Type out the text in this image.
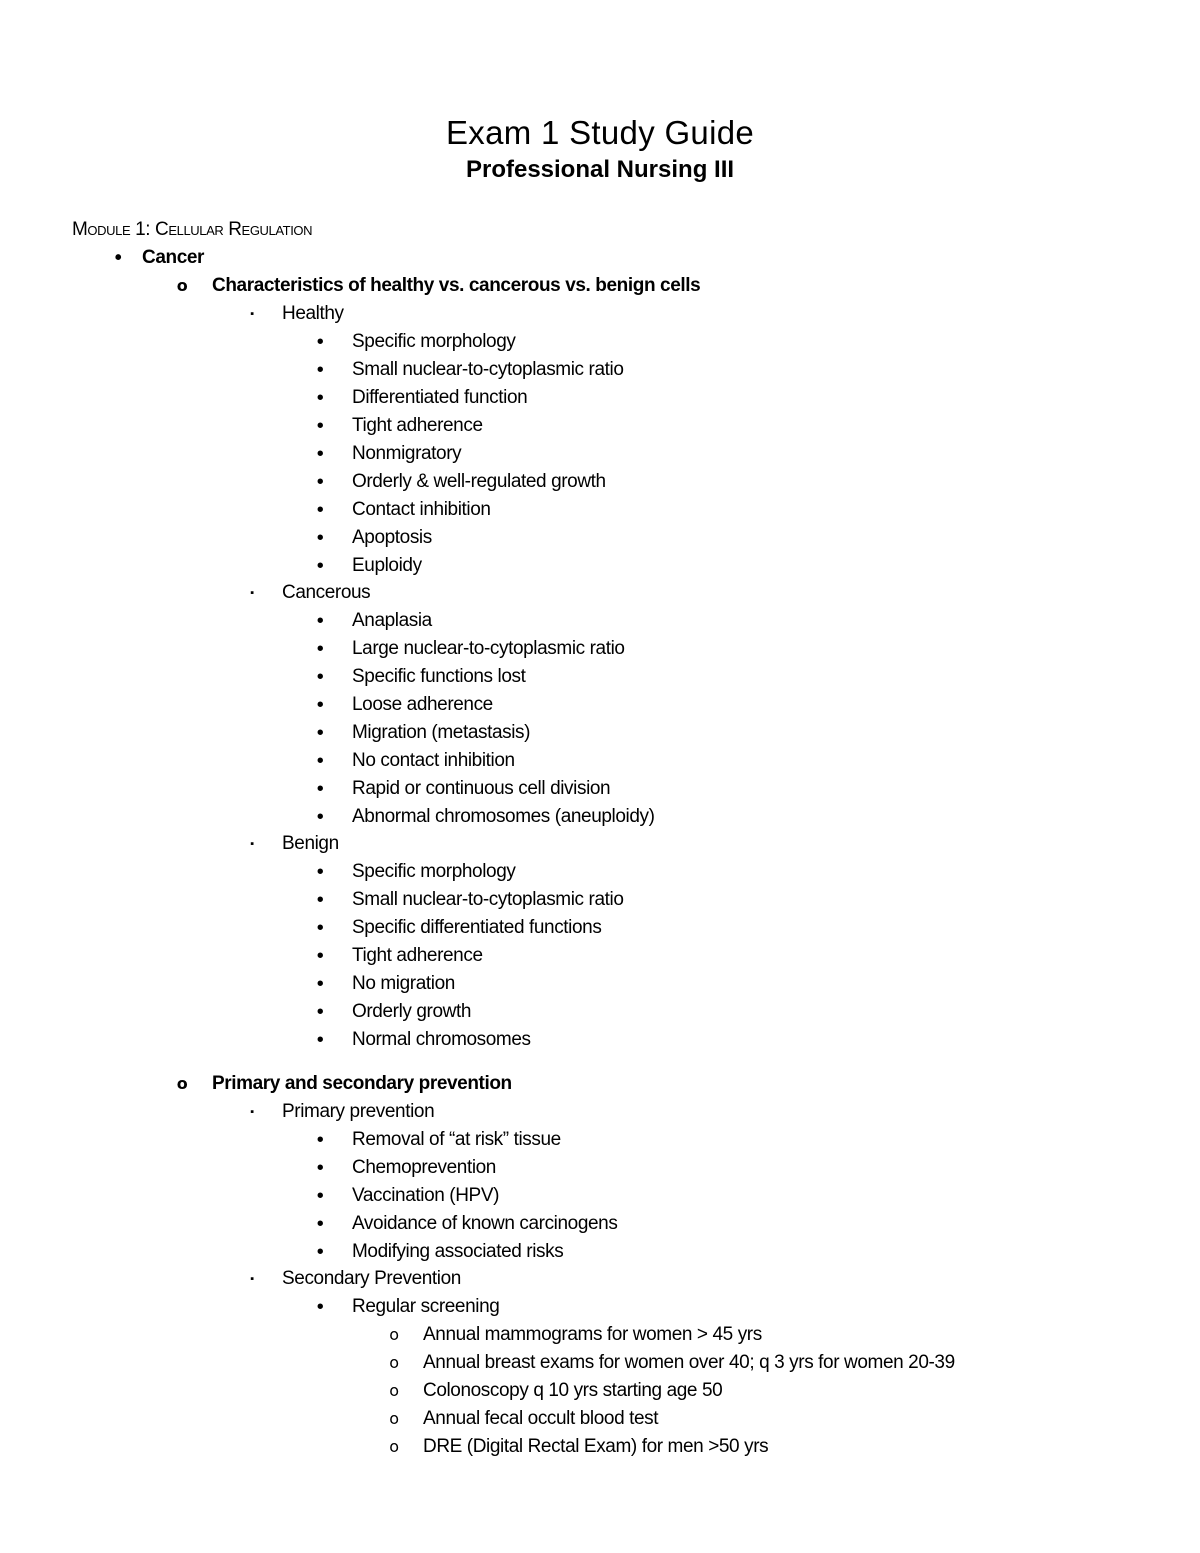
Exam 1 Study Guide
Professional Nursing III
Module 1: Cellular Regulation
•	Cancer
o	Characteristics of healthy vs. cancerous vs. benign cells
▪	Healthy
•	Specific morphology
•	Small nuclear-to-cytoplasmic ratio
•	Differentiated function
•	Tight adherence
•	Nonmigratory
•	Orderly & well-regulated growth
•	Contact inhibition
•	Apoptosis
•	Euploidy
▪	Cancerous
•	Anaplasia
•	Large nuclear-to-cytoplasmic ratio
•	Specific functions lost
•	Loose adherence
•	Migration (metastasis)
•	No contact inhibition
•	Rapid or continuous cell division
•	Abnormal chromosomes (aneuploidy)
▪	Benign
•	Specific morphology
•	Small nuclear-to-cytoplasmic ratio
•	Specific differentiated functions
•	Tight adherence
•	No migration
•	Orderly growth
•	Normal chromosomes
o	Primary and secondary prevention
▪	Primary prevention
•	Removal of “at risk” tissue
•	Chemoprevention
•	Vaccination (HPV)
•	Avoidance of known carcinogens
•	Modifying associated risks
▪	Secondary Prevention
•	Regular screening
o	Annual mammograms for women > 45 yrs
o	Annual breast exams for women over 40; q 3 yrs for women 20-39
o	Colonoscopy q 10 yrs starting age 50
o	Annual fecal occult blood test
o	DRE (Digital Rectal Exam) for men >50 yrs
